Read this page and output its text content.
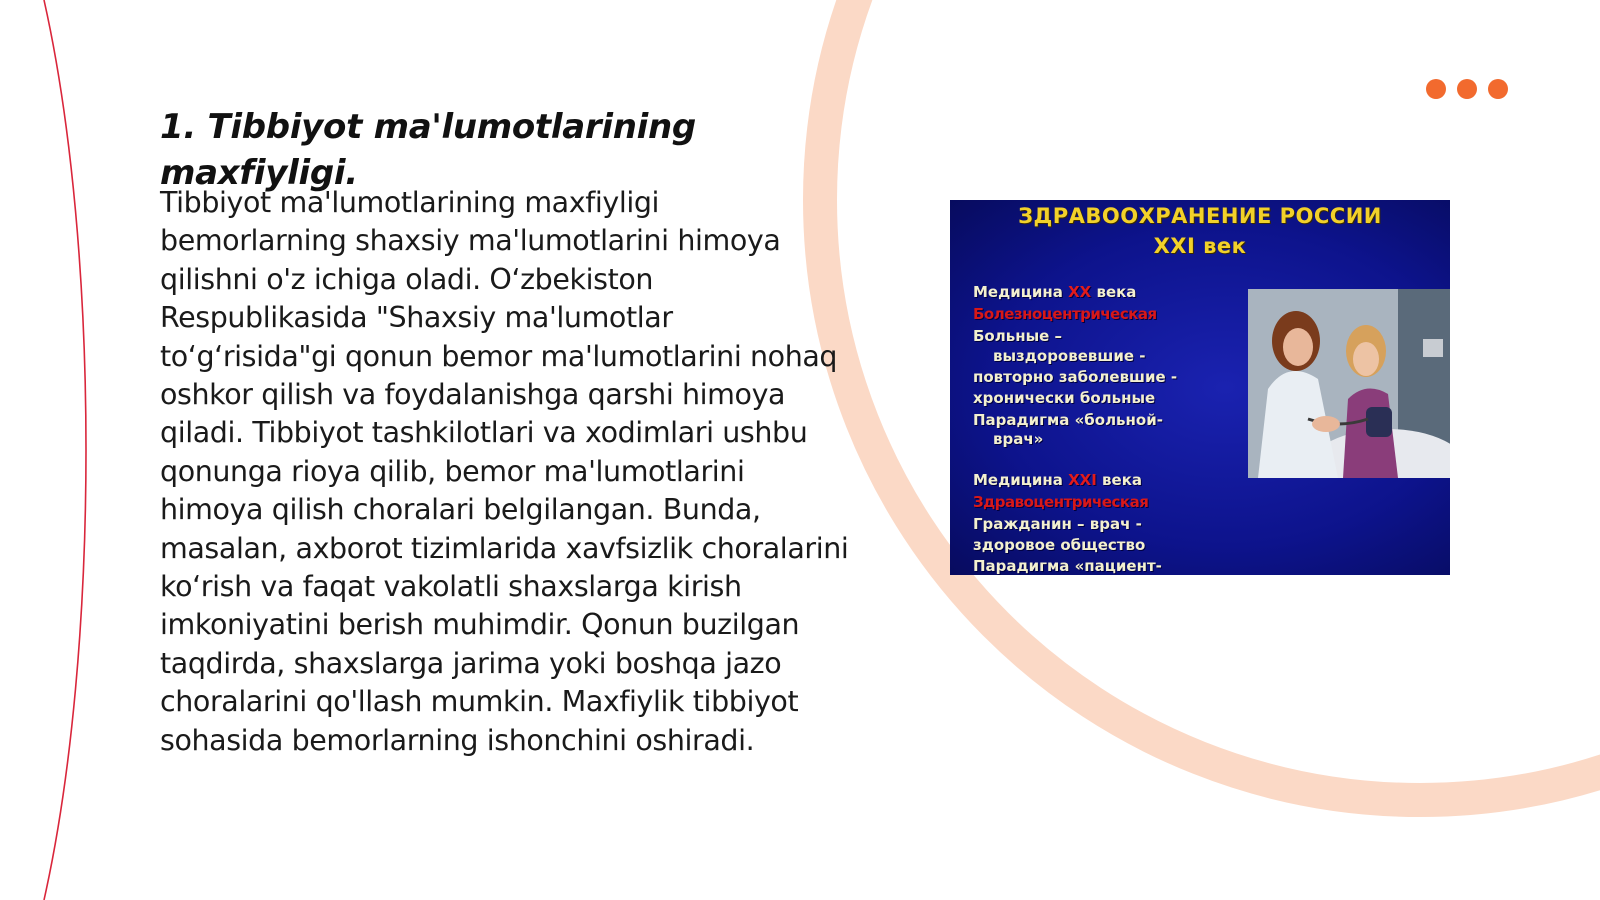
1. Tibbiyot ma'lumotlarining maxfiyligi.

Tibbiyot ma'lumotlarining maxfiyligi bemorlarning shaxsiy ma'lumotlarini himoya qilishni o'z ichiga oladi. O‘zbekiston Respublikasida "Shaxsiy ma'lumotlar to‘g‘risida"gi qonun bemor ma'lumotlarini nohaq oshkor qilish va foydalanishga qarshi himoya qiladi. Tibbiyot tashkilotlari va xodimlari ushbu qonunga rioya qilib, bemor ma'lumotlarini himoya qilish choralari belgilangan. Bunda, masalan, axborot tizimlarida xavfsizlik choralarini ko‘rish va faqat vakolatli shaxslarga kirish imkoniyatini berish muhimdir. Qonun buzilgan taqdirda, shaxslarga jarima yoki boshqa jazo choralarini qo'llash mumkin. Maxfiylik tibbiyot sohasida bemorlarning ishonchini oshiradi.

ЗДРАВООХРАНЕНИЕ РОССИИ
XXI век
Медицина XX века
Болезноцентрическая
Больные –
выздоровевшие -
повторно заболевшие -
хронически больные
Парадигма «больной-
врач»
Медицина XXI века
Здравоцентрическая
Гражданин – врач -
здоровое общество
Парадигма «пациент-
